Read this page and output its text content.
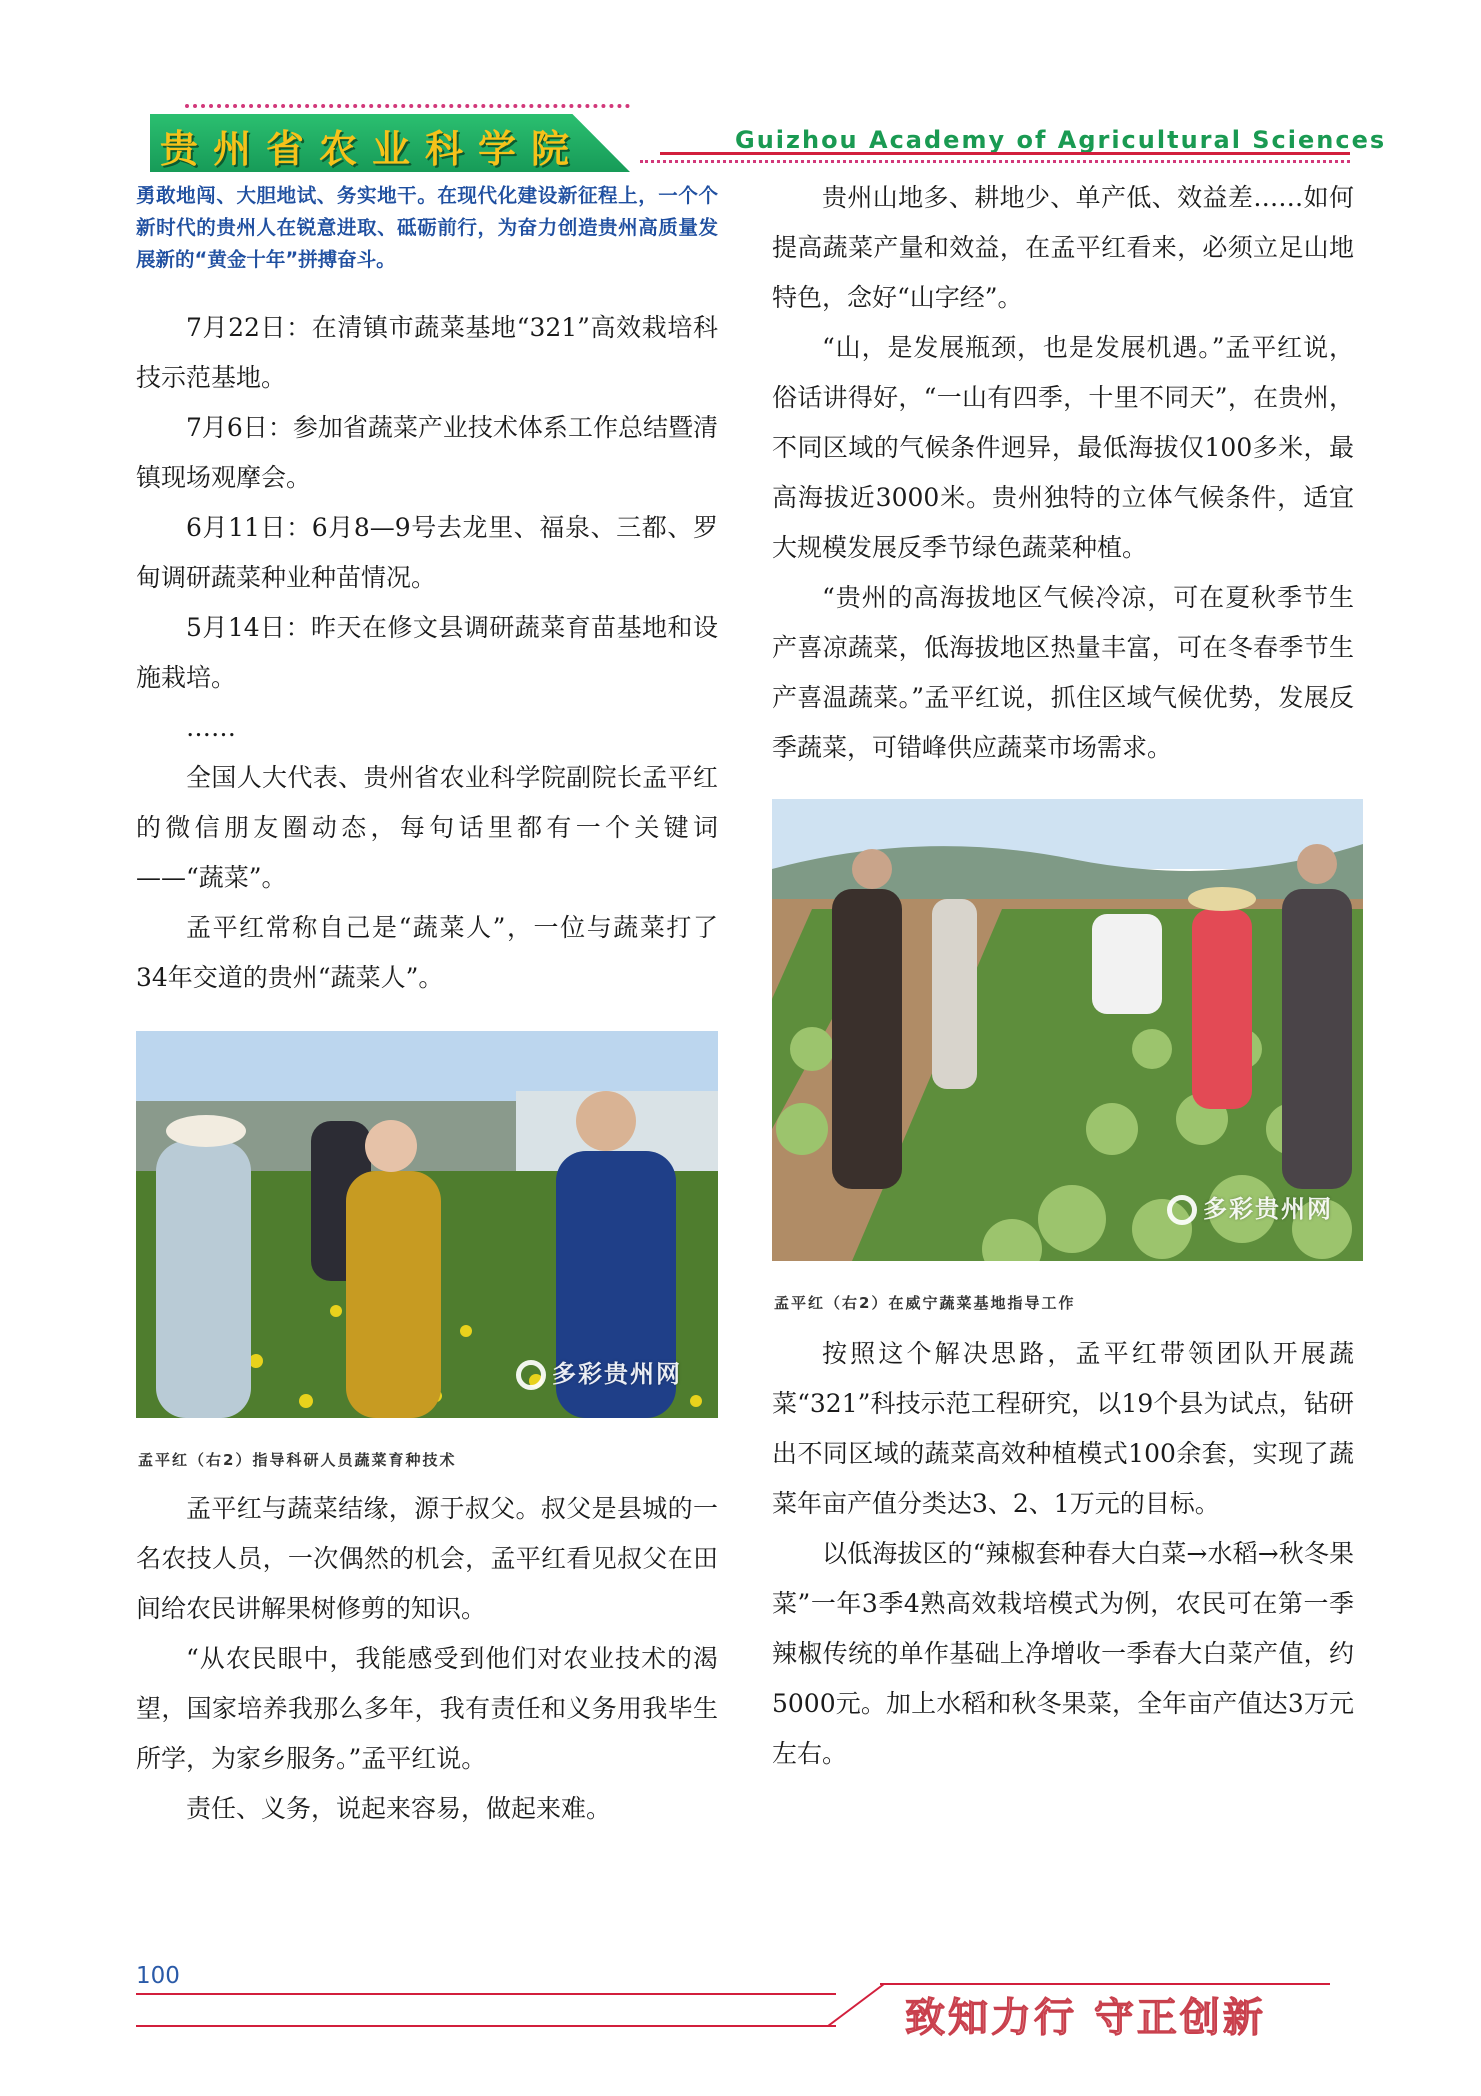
贵州省农业科学院	Guizhou Academy of Agricultural Sciences
勇敢地闯、大胆地试、务实地干。在现代化建设新征程上，一个个新时代的贵州人在锐意进取、砥砺前行，为奋力创造贵州高质量发展新的“黄金十年”拼搏奋斗。

7月22日：在清镇市蔬菜基地“321”高效栽培科技示范基地。

7月6日：参加省蔬菜产业技术体系工作总结暨清镇现场观摩会。

6月11日：6月8—9号去龙里、福泉、三都、罗甸调研蔬菜种业种苗情况。

5月14日：昨天在修文县调研蔬菜育苗基地和设施栽培。

……

全国人大代表、贵州省农业科学院副院长孟平红的微信朋友圈动态，每句话里都有一个关键词——“蔬菜”。

孟平红常称自己是“蔬菜人”，一位与蔬菜打了34年交道的贵州“蔬菜人”。

多彩贵州网
孟平红（右2）指导科研人员蔬菜育种技术

孟平红与蔬菜结缘，源于叔父。叔父是县城的一名农技人员，一次偶然的机会，孟平红看见叔父在田间给农民讲解果树修剪的知识。

“从农民眼中，我能感受到他们对农业技术的渴望，国家培养我那么多年，我有责任和义务用我毕生所学，为家乡服务。”孟平红说。

责任、义务，说起来容易，做起来难。

贵州山地多、耕地少、单产低、效益差……如何提高蔬菜产量和效益，在孟平红看来，必须立足山地特色，念好“山字经”。

“山，是发展瓶颈，也是发展机遇。”孟平红说，俗话讲得好，“一山有四季，十里不同天”，在贵州，不同区域的气候条件迥异，最低海拔仅100多米，最高海拔近3000米。贵州独特的立体气候条件，适宜大规模发展反季节绿色蔬菜种植。

“贵州的高海拔地区气候冷凉，可在夏秋季节生产喜凉蔬菜，低海拔地区热量丰富，可在冬春季节生产喜温蔬菜。”孟平红说，抓住区域气候优势，发展反季蔬菜，可错峰供应蔬菜市场需求。

多彩贵州网
孟平红（右2）在威宁蔬菜基地指导工作

按照这个解决思路，孟平红带领团队开展蔬菜“321”科技示范工程研究，以19个县为试点，钻研出不同区域的蔬菜高效种植模式100余套，实现了蔬菜年亩产值分类达3、2、1万元的目标。

以低海拔区的“辣椒套种春大白菜→水稻→秋冬果菜”一年3季4熟高效栽培模式为例，农民可在第一季辣椒传统的单作基础上净增收一季春大白菜产值，约5000元。加上水稻和秋冬果菜，全年亩产值达3万元左右。

100
致知力行 守正创新
